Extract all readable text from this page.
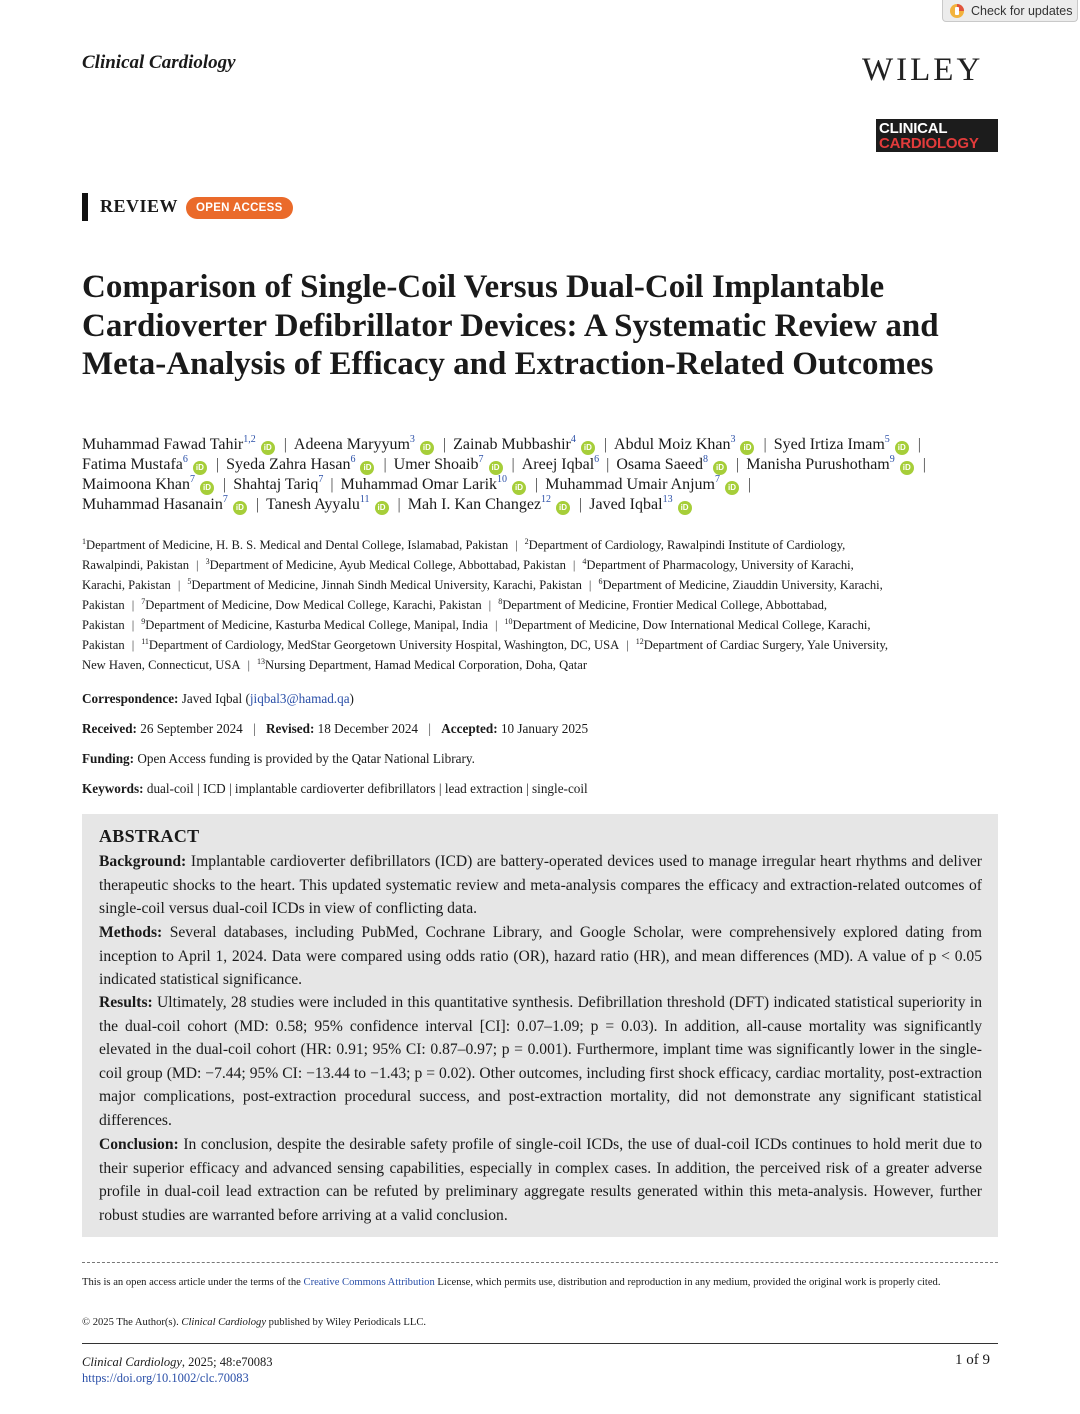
Check for updates
Clinical Cardiology	WILEY
CLINICAL
CARDIOLOGY
REVIEW	OPEN ACCESS
Comparison of Single-Coil Versus Dual-Coil Implantable Cardioverter Defibrillator Devices: A Systematic Review and Meta-Analysis of Efficacy and Extraction-Related Outcomes
Muhammad Fawad Tahir$^{1,2}$iD | Adeena Maryyum$^3$iD | Zainab Mubbashir$^4$iD | Abdul Moiz Khan$^3$iD | Syed Irtiza Imam$^5$iD |
Fatima Mustafa$^6$iD | Syeda Zahra Hasan$^6$iD | Umer Shoaib$^7$iD | Areej Iqbal$^6$ | Osama Saeed$^8$iD | Manisha Purushotham$^9$iD |
Maimoona Khan$^7$iD | Shahtaj Tariq$^7$ | Muhammad Omar Larik$^{10}$iD | Muhammad Umair Anjum$^7$iD |
Muhammad Hasanain$^7$iD | Tanesh Ayyalu$^{11}$iD | Mah I. Kan Changez$^{12}$iD | Javed Iqbal$^{13}$iD
$^1$Department of Medicine, H. B. S. Medical and Dental College, Islamabad, Pakistan | $^2$Department of Cardiology, Rawalpindi Institute of Cardiology,
Rawalpindi, Pakistan | $^3$Department of Medicine, Ayub Medical College, Abbottabad, Pakistan | $^4$Department of Pharmacology, University of Karachi,
Karachi, Pakistan | $^5$Department of Medicine, Jinnah Sindh Medical University, Karachi, Pakistan | $^6$Department of Medicine, Ziauddin University, Karachi,
Pakistan | $^7$Department of Medicine, Dow Medical College, Karachi, Pakistan | $^8$Department of Medicine, Frontier Medical College, Abbottabad,
Pakistan | $^9$Department of Medicine, Kasturba Medical College, Manipal, India | $^{10}$Department of Medicine, Dow International Medical College, Karachi,
Pakistan | $^{11}$Department of Cardiology, MedStar Georgetown University Hospital, Washington, DC, USA | $^{12}$Department of Cardiac Surgery, Yale University,
New Haven, Connecticut, USA | $^{13}$Nursing Department, Hamad Medical Corporation, Doha, Qatar
Correspondence: Javed Iqbal (jiqbal3@hamad.qa)
Received: 26 September 2024 | Revised: 18 December 2024 | Accepted: 10 January 2025
Funding: Open Access funding is provided by the Qatar National Library.
Keywords: dual-coil | ICD | implantable cardioverter defibrillators | lead extraction | single-coil
ABSTRACT

Background: Implantable cardioverter defibrillators (ICD) are battery-operated devices used to manage irregular heart rhythms and deliver therapeutic shocks to the heart. This updated systematic review and meta-analysis compares the efficacy and extraction-related outcomes of single-coil versus dual-coil ICDs in view of conflicting data.

Methods: Several databases, including PubMed, Cochrane Library, and Google Scholar, were comprehensively explored dating from inception to April 1, 2024. Data were compared using odds ratio (OR), hazard ratio (HR), and mean differences (MD). A value of p < 0.05 indicated statistical significance.

Results: Ultimately, 28 studies were included in this quantitative synthesis. Defibrillation threshold (DFT) indicated statistical superiority in the dual-coil cohort (MD: 0.58; 95% confidence interval [CI]: 0.07–1.09; p = 0.03). In addition, all-cause mortality was significantly elevated in the dual-coil cohort (HR: 0.91; 95% CI: 0.87–0.97; p = 0.001). Furthermore, implant time was significantly lower in the single-coil group (MD: −7.44; 95% CI: −13.44 to −1.43; p = 0.02). Other outcomes, including first shock efficacy, cardiac mortality, post-extraction major complications, post-extraction procedural success, and post-extraction mortality, did not demonstrate any significant statistical differences.

Conclusion: In conclusion, despite the desirable safety profile of single-coil ICDs, the use of dual-coil ICDs continues to hold merit due to their superior efficacy and advanced sensing capabilities, especially in complex cases. In addition, the perceived risk of a greater adverse profile in dual-coil lead extraction can be refuted by preliminary aggregate results generated within this meta-analysis. However, further robust studies are warranted before arriving at a valid conclusion.

This is an open access article under the terms of the Creative Commons Attribution License, which permits use, distribution and reproduction in any medium, provided the original work is properly cited.
© 2025 The Author(s). Clinical Cardiology published by Wiley Periodicals LLC.
Clinical Cardiology, 2025; 48:e70083
https://doi.org/10.1002/clc.70083
1 of 9
